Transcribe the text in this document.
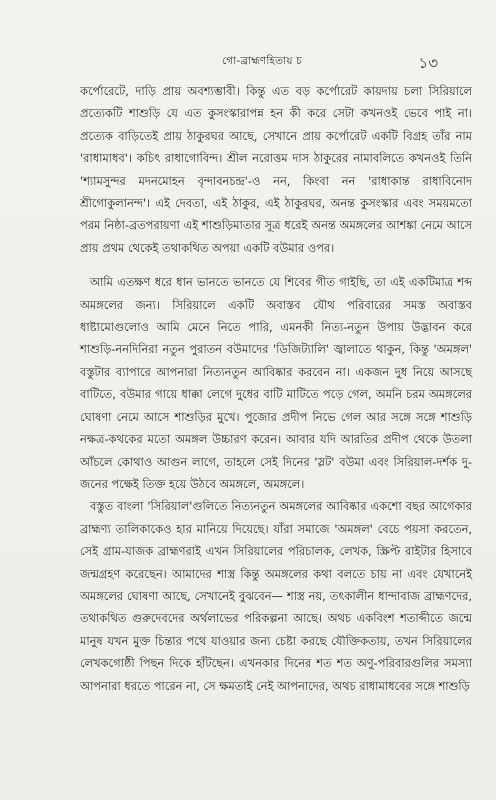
গো-ব্রাহ্মণহিতায় চ	১৩

কর্পোরেটে, দাড়ি প্রায় অবশ্যম্ভাবী। কিন্তু এত বড় কর্পোরেট কায়দায় চলা সিরিয়ালে প্রত্যেকটি শাশুড়ি যে এত কুসংস্কারাপন্ন হন কী করে সেটা কখনওই ভেবে পাই না। প্রত্যেক বাড়িতেই প্রায় ঠাকুরঘর আছে, সেখানে প্রায় কর্পোরেট একটি বিগ্রহ তাঁর নাম 'রাধামাধব'। কচিৎ রাধাগোবিন্দ। শ্রীল নরোত্তম দাস ঠাকুরের নামাবলিতে কখনওই তিনি 'শ্যামসুন্দর মদনমোহন বৃন্দাবনচন্দ্র'-ও নন, কিংবা নন 'রাধাকান্ত রাধাবিনোদ শ্রীগোকুলানন্দ'। এই দেবতা, এই ঠাকুর, এই ঠাকুরঘর, অনন্ত কুসংস্কার এবং সময়মতো পরম নিষ্ঠা-ব্রতপরায়ণা এই শাশুড়িমাতার সূত্র ধরেই অনন্ত অমঙ্গলের আশঙ্কা নেমে আসে প্রায় প্রথম থেকেই তথাকথিত অপয়া একটি বউমার ওপর।

আমি এতক্ষণ ধরে ধান ভানতে ভানতে যে শিবের গীত গাইছি, তা এই একটিমাত্র শব্দ অমঙ্গলের জন্য। সিরিয়ালে একটি অবাস্তব যৌথ পরিবারের সমস্ত অবাস্তব ধাষ্টামোগুলোও আমি মেনে নিতে পারি, এমনকী নিত্য-নতুন উপায় উদ্ভাবন করে শাশুড়ি-ননদিনিরা নতুন পুরাতন বউমাদের 'ডিজিট্যালি' জ্বালাতে থাকুন, কিন্তু 'অমঙ্গল' বস্তুটার ব্যাপারে আপনারা নিত্যনতুন আবিষ্কার করবেন না। একজন দুধ নিয়ে আসছে বাটিতে, বউমার গায়ে ধাক্কা লেগে দুধের বাটি মাটিতে পড়ে গেল, অমনি চরম অমঙ্গলের ঘোষণা নেমে আসে শাশুড়ির মুখে। পুজোর প্রদীপ নিভে গেল আর সঙ্গে সঙ্গে শাশুড়ি নক্ষত্র-কথকের মতো অমঙ্গল উচ্চারণ করেন। আবার যদি আরতির প্রদীপ থেকে উতলা আঁচলে কোথাও আগুন লাগে, তাহলে সেই দিনের 'স্লট' বউমা এবং সিরিয়াল-দর্শক দু-জনের পক্ষেই তিক্ত হয়ে উঠবে অমঙ্গলে, অমঙ্গলে।

বস্তুত বাংলা 'সিরিয়াল'গুলিতে নিত্যনতুন অমঙ্গলের আবিষ্কার একশো বছর আগেকার ব্রাহ্মণ্য তালিকাকেও হার মানিয়ে দিয়েছে। যাঁরা সমাজে 'অমঙ্গল' বেচে পয়সা করতেন, সেই গ্রাম-যাজক ব্রাহ্মণরাই এখন সিরিয়ালের পরিচালক, লেখক, স্ক্রিপ্ট রাইটার হিসাবে জন্মগ্রহণ করেছেন। আমাদের শাস্ত্র কিন্তু অমঙ্গলের কথা বলতে চায় না এবং যেখানেই অমঙ্গলের ঘোষণা আছে, সেখানেই বুঝবেন— শাস্ত্র নয়, তৎকালীন ধান্দাবাজ ব্রাহ্মণদের, তথাকথিত গুরুদেবদের অর্থলাভের পরিকল্পনা আছে। অথচ একবিংশ শতাব্দীতে জন্মে মানুষ যখন মুক্ত চিন্তার পথে যাওয়ার জন্য চেষ্টা করছে যৌক্তিকতায়, তখন সিরিয়ালের লেখকগোষ্ঠী পিছন দিকে হাঁটছেন। এখনকার দিনের শত শত অণু-পরিবারগুলির সমস্যা আপনারা ধরতে পারেন না, সে ক্ষমতাই নেই আপনাদের, অথচ রাধামাধবের সঙ্গে শাশুড়ি
